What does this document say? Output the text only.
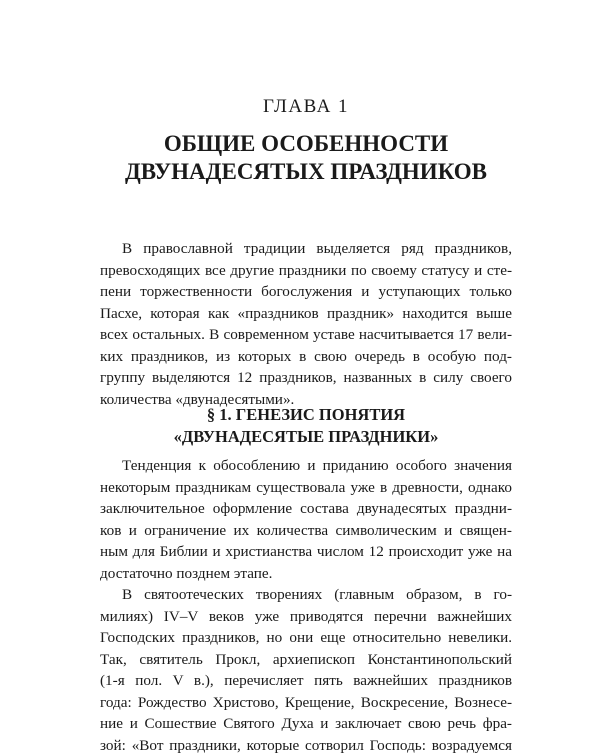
ГЛАВА 1
ОБЩИЕ ОСОБЕННОСТИ
ДВУНАДЕСЯТЫХ ПРАЗДНИКОВ

В православной традиции выделяется ряд праздников,
превосходящих все другие праздники по своему статусу и сте-
пени торжественности богослужения и уступающих только
Пасхе, которая как «праздников праздник» находится выше
всех остальных. В современном уставе насчитывается 17 вели-
ких праздников, из которых в свою очередь в особую под-
группу выделяются 12 праздников, названных в силу своего
количества «двунадесятыми».

§ 1. ГЕНЕЗИС ПОНЯТИЯ
«ДВУНАДЕСЯТЫЕ ПРАЗДНИКИ»

Тенденция к обособлению и приданию особого значения
некоторым праздникам существовала уже в древности, однако
заключительное оформление состава двунадесятых праздни-
ков и ограничение их количества символическим и священ-
ным для Библии и христианства числом 12 происходит уже на
достаточно позднем этапе.

В святоотеческих творениях (главным образом, в го-
милиях) IV–V веков уже приводятся перечни важнейших
Господских праздников, но они еще относительно невелики.
Так, святитель Прокл, архиепископ Константинопольский
(1-я пол. V в.), перечисляет пять важнейших праздников
года: Рождество Христово, Крещение, Воскресение, Вознесе-
ние и Сошествие Святого Духа и заключает свою речь фра-
зой: «Вот праздники, которые сотворил Господь: возрадуемся
